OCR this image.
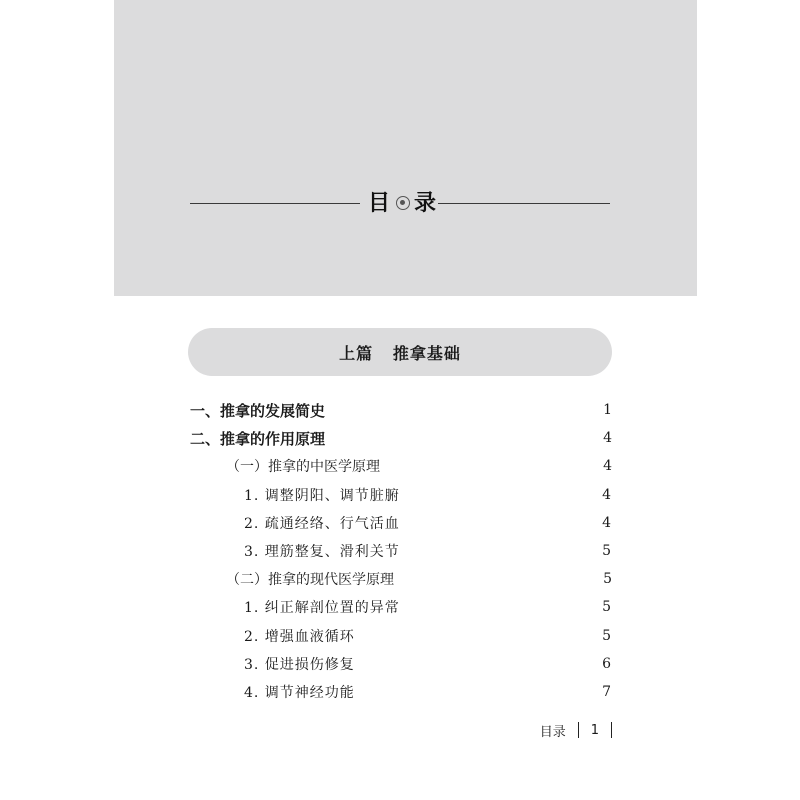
目 录
上篇   推拿基础
一、推拿的发展简史	1
二、推拿的作用原理	4
（一）推拿的中医学原理	4
1. 调整阴阳、调节脏腑	4
2. 疏通经络、行气活血	4
3. 理筋整复、滑利关节	5
（二）推拿的现代医学原理	5
1. 纠正解剖位置的异常	5
2. 增强血液循环	5
3. 促进损伤修复	6
4. 调节神经功能	7
目录 1
